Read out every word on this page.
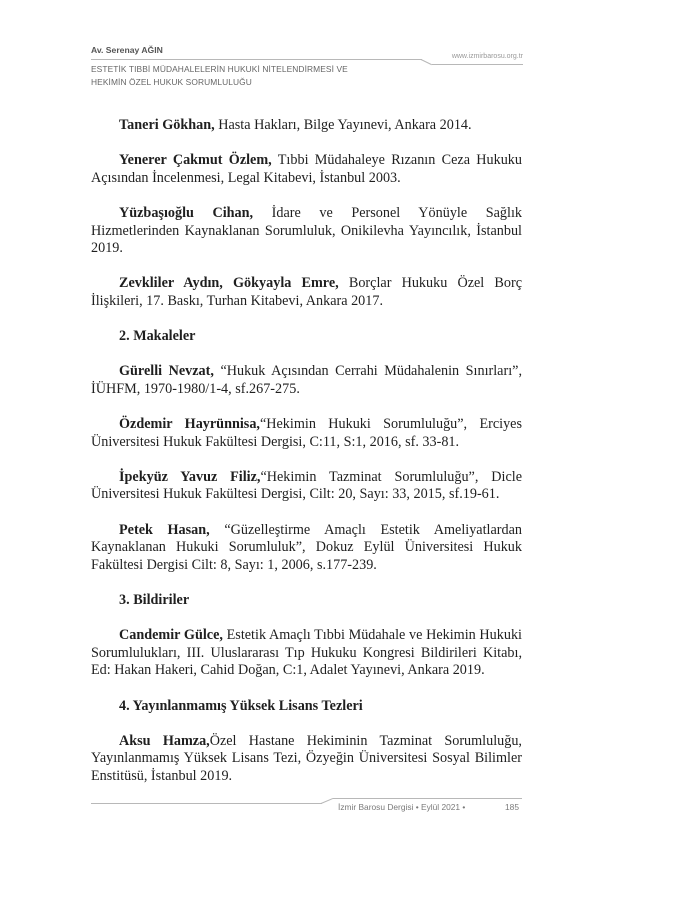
Av. Serenay AĞIN
www.izmirbarosu.org.tr
ESTETİK TIBBİ MÜDAHALELERİN HUKUKİ NİTELENDİRMESİ VE
HEKİMİN ÖZEL HUKUK SORUMLULUĞU

Taneri Gökhan, Hasta Hakları, Bilge Yayınevi, Ankara 2014.

Yenerer Çakmut Özlem, Tıbbi Müdahaleye Rızanın Ceza Hukuku Açısından İncelenmesi, Legal Kitabevi, İstanbul 2003.

Yüzbaşıoğlu Cihan, İdare ve Personel Yönüyle Sağlık Hizmetlerinden Kaynaklanan Sorumluluk, Onikilevha Yayıncılık, İstanbul 2019.

Zevkliler Aydın, Gökyayla Emre, Borçlar Hukuku Özel Borç İlişkileri, 17. Baskı, Turhan Kitabevi, Ankara 2017.

2. Makaleler

Gürelli Nevzat, “Hukuk Açısından Cerrahi Müdahalenin Sınırları”, İÜHFM, 1970-1980/1-4, sf.267-275.

Özdemir Hayrünnisa,“Hekimin Hukuki Sorumluluğu”, Erciyes Üniversitesi Hukuk Fakültesi Dergisi, C:11, S:1, 2016, sf. 33-81.

İpekyüz Yavuz Filiz,“Hekimin Tazminat Sorumluluğu”, Dicle Üniversitesi Hukuk Fakültesi Dergisi, Cilt: 20, Sayı: 33, 2015, sf.19-61.

Petek Hasan, “Güzelleştirme Amaçlı Estetik Ameliyatlardan Kaynaklanan Hukuki Sorumluluk”, Dokuz Eylül Üniversitesi Hukuk Fakültesi Dergisi Cilt: 8, Sayı: 1, 2006, s.177-239.

3. Bildiriler

Candemir Gülce, Estetik Amaçlı Tıbbi Müdahale ve Hekimin Hukuki Sorumlulukları, III. Uluslararası Tıp Hukuku Kongresi Bildirileri Kitabı, Ed: Hakan Hakeri, Cahid Doğan, C:1, Adalet Yayınevi, Ankara 2019.

4. Yayınlanmamış Yüksek Lisans Tezleri

Aksu Hamza,Özel Hastane Hekiminin Tazminat Sorumluluğu, Yayınlanmamış Yüksek Lisans Tezi, Özyeğin Üniversitesi Sosyal Bilimler Enstitüsü, İstanbul 2019.

İzmir Barosu Dergisi • Eylül 2021 •	185
